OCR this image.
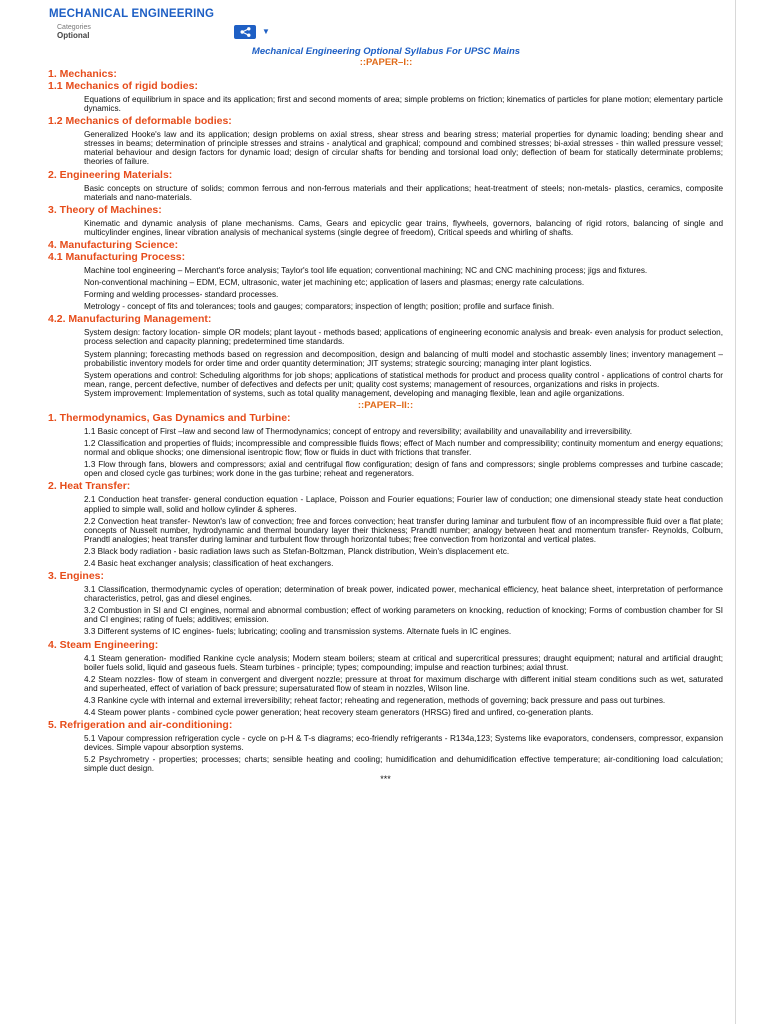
MECHANICAL ENGINEERING
Categories
Optional	▼
Mechanical Engineering Optional Syllabus For UPSC Mains
::PAPER–I::
1. Mechanics:
1.1 Mechanics of rigid bodies:
Equations of equilibrium in space and its application; first and second moments of area; simple problems on friction; kinematics of particles for plane motion; elementary particle dynamics.
1.2 Mechanics of deformable bodies:
Generalized Hooke's law and its application; design problems on axial stress, shear stress and bearing stress; material properties for dynamic loading; bending shear and stresses in beams; determination of principle stresses and strains - analytical and graphical; compound and combined stresses; bi-axial stresses - thin walled pressure vessel; material behaviour and design factors for dynamic load; design of circular shafts for bending and torsional load only; deflection of beam for statically determinate problems; theories of failure.
2. Engineering Materials:
Basic concepts on structure of solids; common ferrous and non-ferrous materials and their applications; heat-treatment of steels; non-metals- plastics, ceramics, composite materials and nano-materials.
3. Theory of Machines:
Kinematic and dynamic analysis of plane mechanisms. Cams, Gears and epicyclic gear trains, flywheels, governors, balancing of rigid rotors, balancing of single and multicylinder engines, linear vibration analysis of mechanical systems (single degree of freedom), Critical speeds and whirling of shafts.
4. Manufacturing Science:
4.1 Manufacturing Process:
Machine tool engineering – Merchant's force analysis; Taylor's tool life equation; conventional machining; NC and CNC machining process; jigs and fixtures.
Non-conventional machining – EDM, ECM, ultrasonic, water jet machining etc; application of lasers and plasmas; energy rate calculations.
Forming and welding processes- standard processes.
Metrology - concept of fits and tolerances; tools and gauges; comparators; inspection of length; position; profile and surface finish.
4.2. Manufacturing Management:
System design: factory location- simple OR models; plant layout - methods based; applications of engineering economic analysis and break- even analysis for product selection, process selection and capacity planning; predetermined time standards.
System planning; forecasting methods based on regression and decomposition, design and balancing of multi model and stochastic assembly lines; inventory management – probabilistic inventory models for order time and order quantity determination; JIT systems; strategic sourcing; managing inter plant logistics.
System operations and control: Scheduling algorithms for job shops; applications of statistical methods for product and process quality control - applications of control charts for mean, range, percent defective, number of defectives and defects per unit; quality cost systems; management of resources, organizations and risks in projects.
System improvement: Implementation of systems, such as total quality management, developing and managing flexible, lean and agile organizations.
::PAPER–II::
1. Thermodynamics, Gas Dynamics and Turbine:
1.1 Basic concept of First –law and second law of Thermodynamics; concept of entropy and reversibility; availability and unavailability and irreversibility.
1.2 Classification and properties of fluids; incompressible and compressible fluids flows; effect of Mach number and compressibility; continuity momentum and energy equations; normal and oblique shocks; one dimensional isentropic flow; flow or fluids in duct with frictions that transfer.
1.3 Flow through fans, blowers and compressors; axial and centrifugal flow configuration; design of fans and compressors; single problems compresses and turbine cascade; open and closed cycle gas turbines; work done in the gas turbine; reheat and regenerators.
2. Heat Transfer:
2.1 Conduction heat transfer- general conduction equation - Laplace, Poisson and Fourier equations; Fourier law of conduction; one dimensional steady state heat conduction applied to simple wall, solid and hollow cylinder & spheres.
2.2 Convection heat transfer- Newton's law of convection; free and forces convection; heat transfer during laminar and turbulent flow of an incompressible fluid over a flat plate; concepts of Nusselt number, hydrodynamic and thermal boundary layer their thickness; Prandtl number; analogy between heat and momentum transfer- Reynolds, Colburn, Prandtl analogies; heat transfer during laminar and turbulent flow through horizontal tubes; free convection from horizontal and vertical plates.
2.3 Black body radiation - basic radiation laws such as Stefan-Boltzman, Planck distribution, Wein's displacement etc.
2.4 Basic heat exchanger analysis; classification of heat exchangers.
3. Engines:
3.1 Classification, thermodynamic cycles of operation; determination of break power, indicated power, mechanical efficiency, heat balance sheet, interpretation of performance characteristics, petrol, gas and diesel engines.
3.2 Combustion in SI and CI engines, normal and abnormal combustion; effect of working parameters on knocking, reduction of knocking; Forms of combustion chamber for SI and CI engines; rating of fuels; additives; emission.
3.3 Different systems of IC engines- fuels; lubricating; cooling and transmission systems. Alternate fuels in IC engines.
4. Steam Engineering:
4.1 Steam generation- modified Rankine cycle analysis; Modern steam boilers; steam at critical and supercritical pressures; draught equipment; natural and artificial draught; boiler fuels solid, liquid and gaseous fuels. Steam turbines - principle; types; compounding; impulse and reaction turbines; axial thrust.
4.2 Steam nozzles- flow of steam in convergent and divergent nozzle; pressure at throat for maximum discharge with different initial steam conditions such as wet, saturated and superheated, effect of variation of back pressure; supersaturated flow of steam in nozzles, Wilson line.
4.3 Rankine cycle with internal and external irreversibility; reheat factor; reheating and regeneration, methods of governing; back pressure and pass out turbines.
4.4 Steam power plants - combined cycle power generation; heat recovery steam generators (HRSG) fired and unfired, co-generation plants.
5. Refrigeration and air-conditioning:
5.1 Vapour compression refrigeration cycle - cycle on p-H & T-s diagrams; eco-friendly refrigerants - R134a,123; Systems like evaporators, condensers, compressor, expansion devices. Simple vapour absorption systems.
5.2 Psychrometry - properties; processes; charts; sensible heating and cooling; humidification and dehumidification effective temperature; air-conditioning load calculation; simple duct design.
***
